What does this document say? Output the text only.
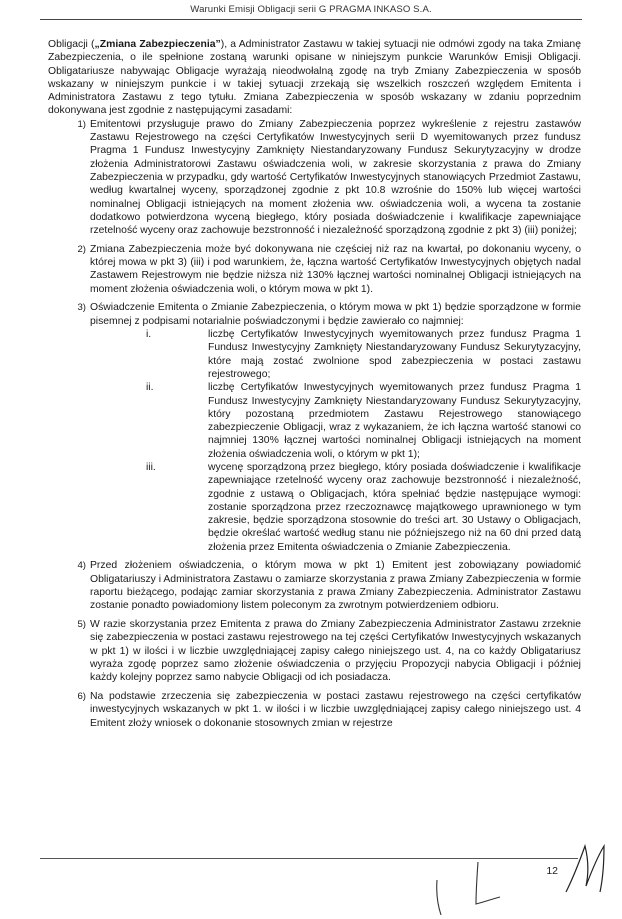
Warunki Emisji Obligacji serii G PRAGMA INKASO S.A.

Obligacji („Zmiana Zabezpieczenia”), a Administrator Zastawu w takiej sytuacji nie odmówi zgody na taka Zmianę Zabezpieczenia, o ile spełnione zostaną warunki opisane w niniejszym punkcie Warunków Emisji Obligacji. Obligatariusze nabywając Obligacje wyrażają nieodwołalną zgodę na tryb Zmiany Zabezpieczenia w sposób wskazany w niniejszym punkcie i w takiej sytuacji zrzekają się wszelkich roszczeń względem Emitenta i Administratora Zastawu z tego tytułu. Zmiana Zabezpieczenia w sposób wskazany w zdaniu poprzednim dokonywana jest zgodnie z następującymi zasadami:

1) Emitentowi przysługuje prawo do Zmiany Zabezpieczenia poprzez wykreślenie z rejestru zastawów Zastawu Rejestrowego na części Certyfikatów Inwestycyjnych serii D wyemitowanych przez fundusz Pragma 1 Fundusz Inwestycyjny Zamknięty Niestandaryzowany Fundusz Sekurytyzacyjny w drodze złożenia Administratorowi Zastawu oświadczenia woli, w zakresie skorzystania z prawa do Zmiany Zabezpieczenia w przypadku, gdy wartość Certyfikatów Inwestycyjnych stanowiących Przedmiot Zastawu, według kwartalnej wyceny, sporządzonej zgodnie z pkt 10.8 wzrośnie do 150% lub więcej wartości nominalnej Obligacji istniejących na moment złożenia ww. oświadczenia woli, a wycena ta zostanie dodatkowo potwierdzona wyceną biegłego, który posiada doświadczenie i kwalifikacje zapewniające rzetelność wyceny oraz zachowuje bezstronność i niezależność sporządzoną zgodnie z pkt 3) (iii) poniżej;
2) Zmiana Zabezpieczenia może być dokonywana nie częściej niż raz na kwartał, po dokonaniu wyceny, o której mowa w pkt 3) (iii) i pod warunkiem, że, łączna wartość Certyfikatów Inwestycyjnych objętych nadal Zastawem Rejestrowym nie będzie niższa niż 130% łącznej wartości nominalnej Obligacji istniejących na moment złożenia oświadczenia woli, o którym mowa w pkt 1).
3) Oświadczenie Emitenta o Zmianie Zabezpieczenia, o którym mowa w pkt 1) będzie sporządzone w formie pisemnej z podpisami notarialnie poświadczonymi i będzie zawierało co najmniej:
i.	liczbę Certyfikatów Inwestycyjnych wyemitowanych przez fundusz Pragma 1 Fundusz Inwestycyjny Zamknięty Niestandaryzowany Fundusz Sekurytyzacyjny, które mają zostać zwolnione spod zabezpieczenia w postaci zastawu rejestrowego;
ii.	liczbę Certyfikatów Inwestycyjnych wyemitowanych przez fundusz Pragma 1 Fundusz Inwestycyjny Zamknięty Niestandaryzowany Fundusz Sekurytyzacyjny, który pozostaną przedmiotem Zastawu Rejestrowego stanowiącego zabezpieczenie Obligacji, wraz z wykazaniem, że ich łączna wartość stanowi co najmniej 130% łącznej wartości nominalnej Obligacji istniejących na moment złożenia oświadczenia woli, o którym w pkt 1);
iii.	wycenę sporządzoną przez biegłego, który posiada doświadczenie i kwalifikacje zapewniające rzetelność wyceny oraz zachowuje bezstronność i niezależność, zgodnie z ustawą o Obligacjach, która spełniać będzie następujące wymogi: zostanie sporządzona przez rzeczoznawcę majątkowego uprawnionego w tym zakresie, będzie sporządzona stosownie do treści art. 30 Ustawy o Obligacjach, będzie określać wartość według stanu nie późniejszego niż na 60 dni przed datą złożenia przez Emitenta oświadczenia o Zmianie Zabezpieczenia.
4) Przed złożeniem oświadczenia, o którym mowa w pkt 1) Emitent jest zobowiązany powiadomić Obligatariuszy i Administratora Zastawu o zamiarze skorzystania z prawa Zmiany Zabezpieczenia w formie raportu bieżącego, podając zamiar skorzystania z prawa Zmiany Zabezpieczenia. Administrator Zastawu zostanie ponadto powiadomiony listem poleconym za zwrotnym potwierdzeniem odbioru.
5) W razie skorzystania przez Emitenta z prawa do Zmiany Zabezpieczenia Administrator Zastawu zrzeknie się zabezpieczenia w postaci zastawu rejestrowego na tej części Certyfikatów Inwestycyjnych wskazanych w pkt 1) w ilości i w liczbie uwzględniającej zapisy całego niniejszego ust. 4, na co każdy Obligatariusz wyraża zgodę poprzez samo złożenie oświadczenia o przyjęciu Propozycji nabycia Obligacji i później każdy kolejny poprzez samo nabycie Obligacji od ich posiadacza.
6) Na podstawie zrzeczenia się zabezpieczenia w postaci zastawu rejestrowego na części certyfikatów inwestycyjnych wskazanych w pkt 1. w ilości i w liczbie uwzględniającej zapisy całego niniejszego ust. 4 Emitent złoży wniosek o dokonanie stosownych zmian w rejestrze
12
